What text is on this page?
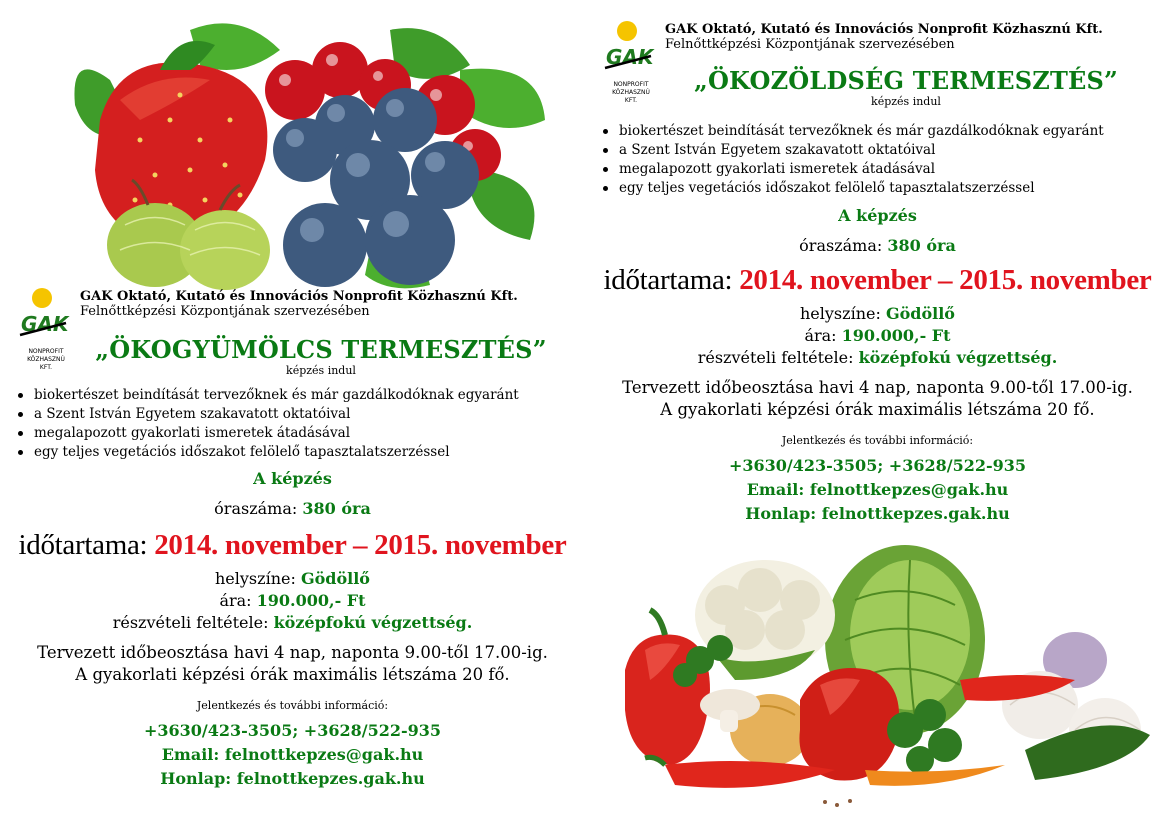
GAK
NONPROFIT
KÖZHASZNÚ
KFT.
GAK Oktató, Kutató és Innovációs Nonprofit Közhasznú Kft.
Felnőttképzési Központjának szervezésében
„ÖKOGYÜMÖLCS TERMESZTÉS”
képzés indul
biokertészet beindítását tervezőknek és már gazdálkodóknak egyaránt
a Szent István Egyetem szakavatott oktatóival
megalapozott gyakorlati ismeretek átadásával
egy teljes vegetációs időszakot felölelő tapasztalatszerzéssel
A képzés
óraszáma: 380 óra
időtartama: 2014. november – 2015. november
helyszíne: Gödöllő
ára: 190.000,- Ft
részvételi feltétele: középfokú végzettség.
Tervezett időbeosztása havi 4 nap, naponta 9.00-től 17.00-ig.
A gyakorlati képzési órák maximális létszáma 20 fő.
Jelentkezés és további információ:
+3630/423-3505; +3628/522-935
Email: felnottkepzes@gak.hu
Honlap: felnottkepzes.gak.hu
GAK
NONPROFIT
KÖZHASZNÚ
KFT.
GAK Oktató, Kutató és Innovációs Nonprofit Közhasznú Kft.
Felnőttképzési Központjának szervezésében
„ÖKOZÖLDSÉG TERMESZTÉS”
képzés indul
biokertészet beindítását tervezőknek és már gazdálkodóknak egyaránt
a Szent István Egyetem szakavatott oktatóival
megalapozott gyakorlati ismeretek átadásával
egy teljes vegetációs időszakot felölelő tapasztalatszerzéssel
A képzés
óraszáma: 380 óra
időtartama: 2014. november – 2015. november
helyszíne: Gödöllő
ára: 190.000,- Ft
részvételi feltétele: középfokú végzettség.
Tervezett időbeosztása havi 4 nap, naponta 9.00-től 17.00-ig.
A gyakorlati képzési órák maximális létszáma 20 fő.
Jelentkezés és további információ:
+3630/423-3505; +3628/522-935
Email: felnottkepzes@gak.hu
Honlap: felnottkepzes.gak.hu
